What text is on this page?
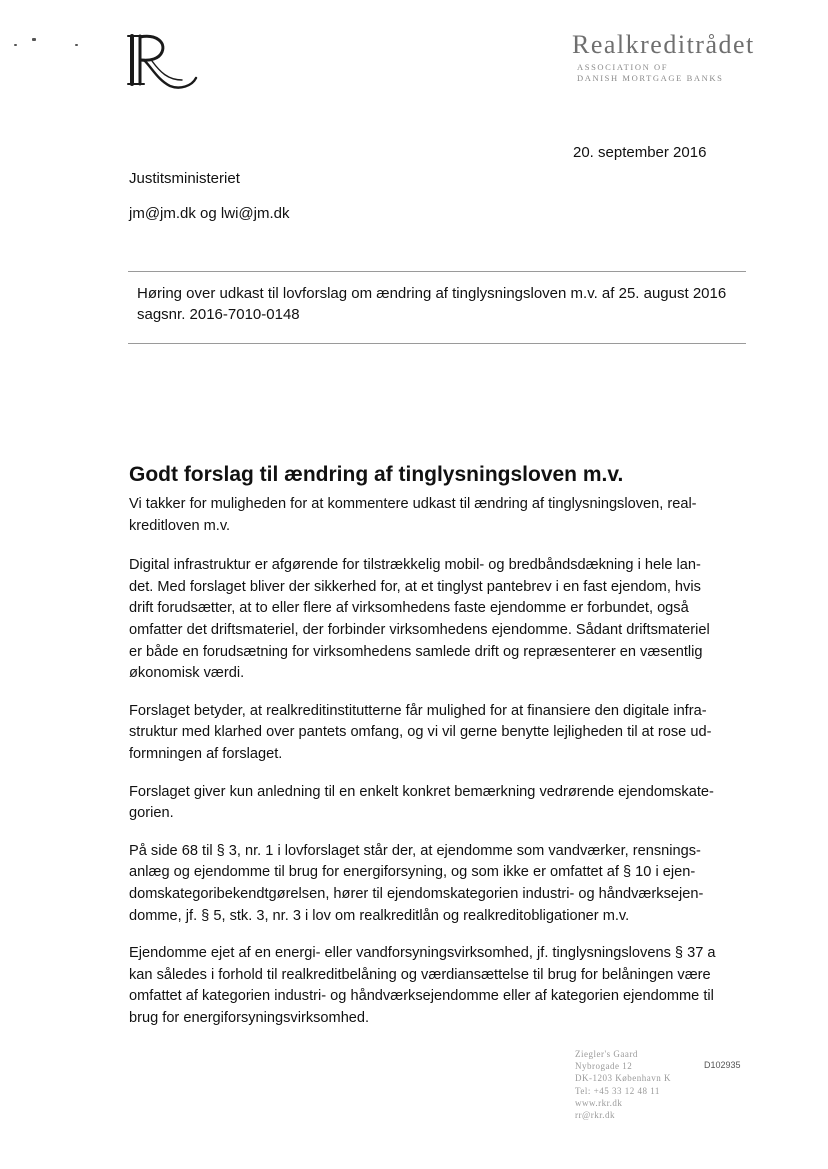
Realkreditrådet
ASSOCIATION OF
DANISH MORTGAGE BANKS
20. september 2016
Justitsministeriet
jm@jm.dk og lwi@jm.dk
Høring over udkast til lovforslag om ændring af tinglysningsloven m.v. af 25. august 2016
sagsnr. 2016-7010-0148
Godt forslag til ændring af tinglysningsloven m.v.
Vi takker for muligheden for at kommentere udkast til ændring af tinglysningsloven, real-
kreditloven m.v.
Digital infrastruktur er afgørende for tilstrækkelig mobil- og bredbåndsdækning i hele lan-
det. Med forslaget bliver der sikkerhed for, at et tinglyst pantebrev i en fast ejendom, hvis
drift forudsætter, at to eller flere af virksomhedens faste ejendomme er forbundet, også
omfatter det driftsmateriel, der forbinder virksomhedens ejendomme. Sådant driftsmateriel
er både en forudsætning for virksomhedens samlede drift og repræsenterer en væsentlig
økonomisk værdi.
Forslaget betyder, at realkreditinstitutterne får mulighed for at finansiere den digitale infra-
struktur med klarhed over pantets omfang, og vi vil gerne benytte lejligheden til at rose ud-
formningen af forslaget.
Forslaget giver kun anledning til en enkelt konkret bemærkning vedrørende ejendomskate-
gorien.
På side 68 til § 3, nr. 1 i lovforslaget står der, at ejendomme som vandværker, rensnings-
anlæg og ejendomme til brug for energiforsyning, og som ikke er omfattet af § 10 i ejen-
domskategoribekendtgørelsen, hører til ejendomskategorien industri- og håndværksejen-
domme, jf. § 5, stk. 3, nr. 3 i lov om realkreditlån og realkreditobligationer m.v.
Ejendomme ejet af en energi- eller vandforsyningsvirksomhed, jf. tinglysningslovens § 37 a
kan således i forhold til realkreditbelåning og værdiansættelse til brug for belåningen være
omfattet af kategorien industri- og håndværksejendomme eller af kategorien ejendomme til
brug for energiforsyningsvirksomhed.
Ziegler's Gaard
Nybrogade 12
DK-1203 København K
Tel: +45 33 12 48 11
www.rkr.dk
rr@rkr.dk
D102935
